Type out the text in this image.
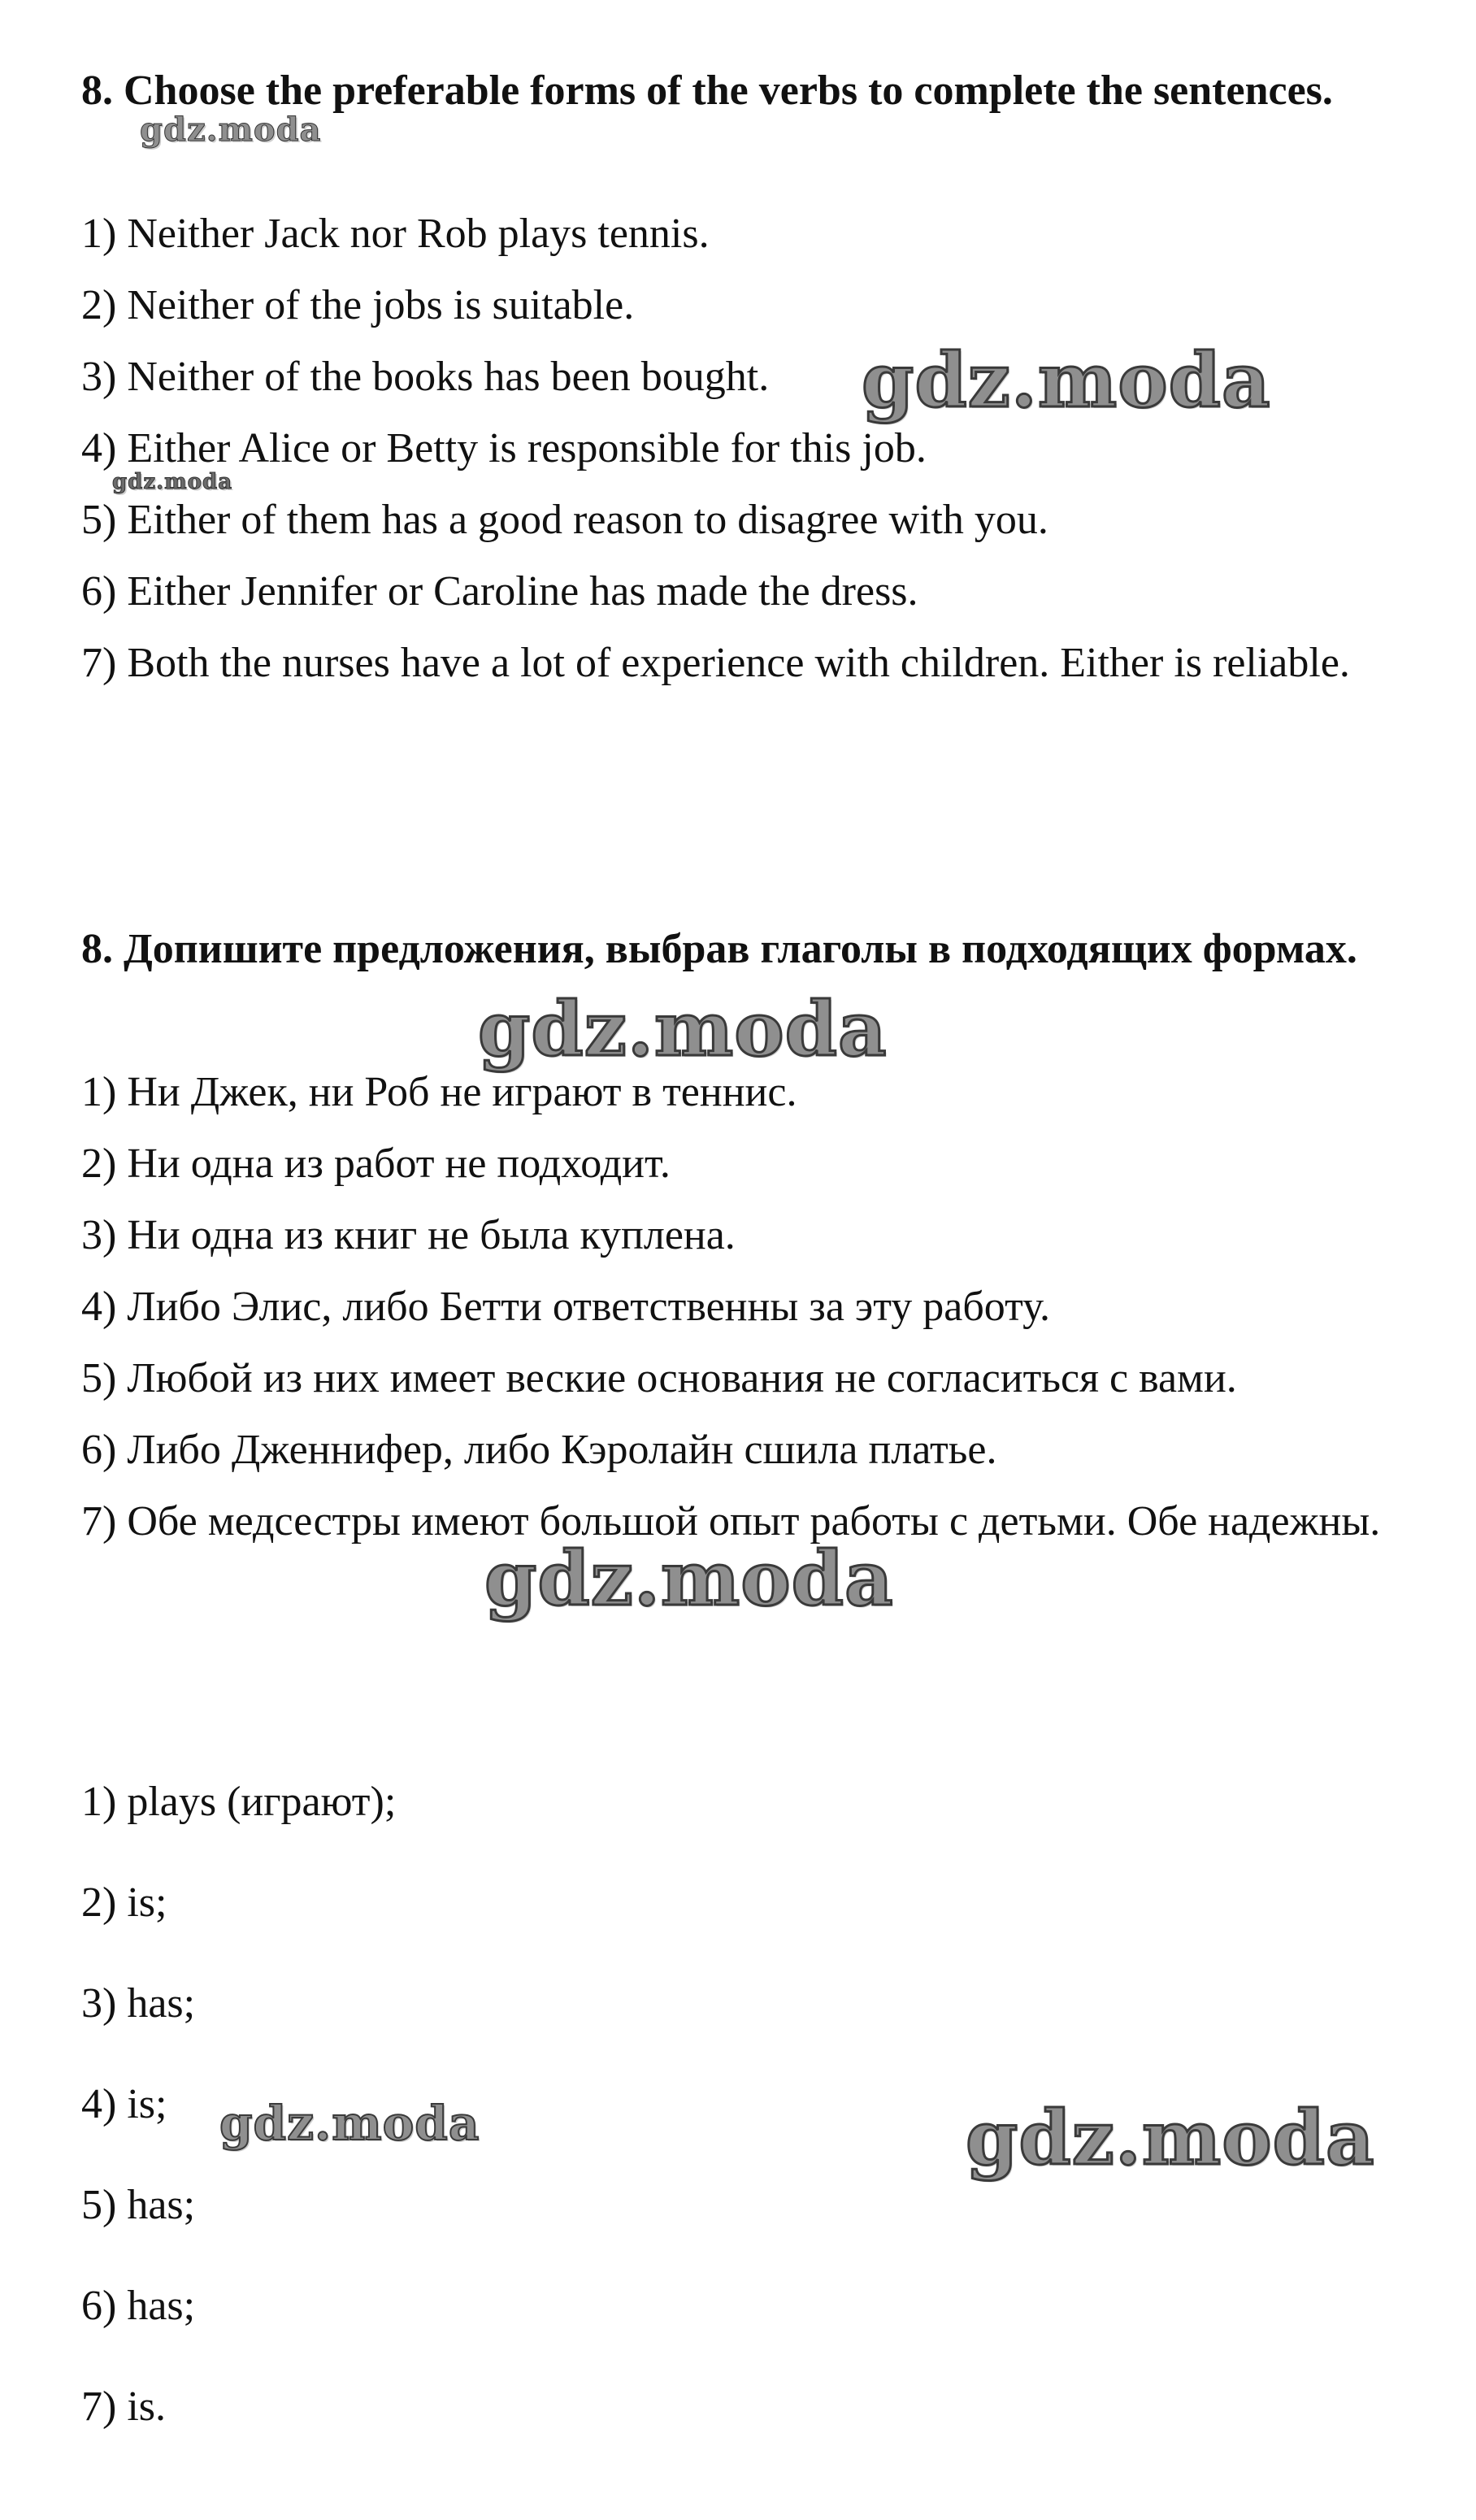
8. Choose the preferable forms of the verbs to complete the sentences.
1) Neither Jack nor Rob plays tennis.
2) Neither of the jobs is suitable.
3) Neither of the books has been bought.
4) Either Alice or Betty is responsible for this job.
5) Either of them has a good reason to disagree with you.
6) Either Jennifer or Caroline has made the dress.
7) Both the nurses have a lot of experience with children. Either is reliable.
8. Допишите предложения, выбрав глаголы в подходящих формах.
1) Ни Джек, ни Роб не играют в теннис.
2) Ни одна из работ не подходит.
3) Ни одна из книг не была куплена.
4) Либо Элис, либо Бетти ответственны за эту работу.
5) Любой из них имеет веские основания не согласиться с вами.
6) Либо Дженнифер, либо Кэролайн сшила платье.
7) Обе медсестры имеют большой опыт работы с детьми. Обе надежны.
1) plays (играют);
2) is;
3) has;
4) is;
5) has;
6) has;
7) is.
gdz.moda
gdz.moda
gdz.moda
gdz.moda
gdz.moda
gdz.moda	gdz.moda
